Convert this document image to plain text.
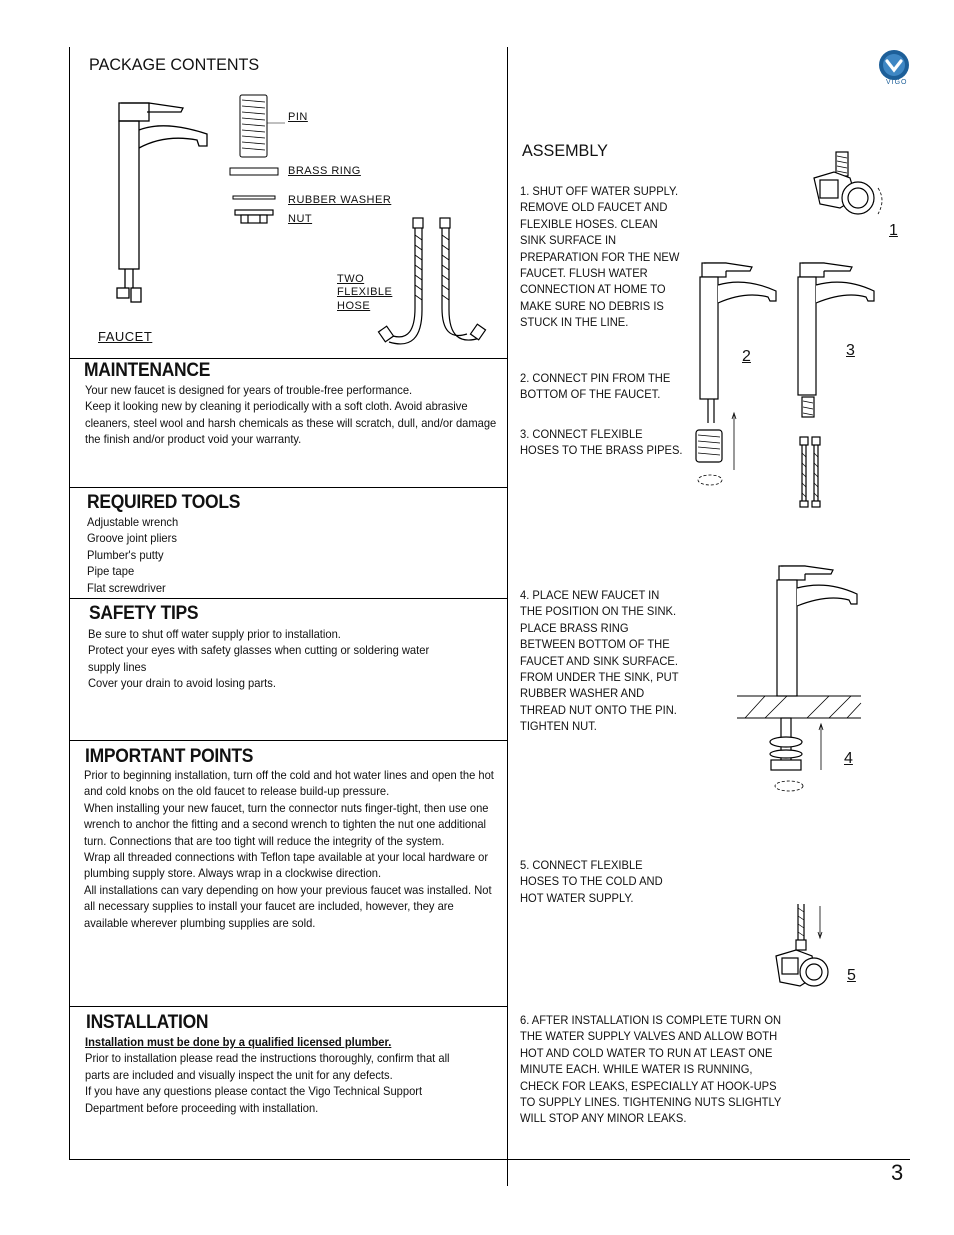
VIGO
PACKAGE CONTENTS
PIN
BRASS RING
RUBBER WASHER
NUT
TWO
FLEXIBLE
HOSE
FAUCET
MAINTENANCE
Your new faucet is designed for years of trouble-free performance.
Keep it looking new by cleaning it periodically with a soft cloth. Avoid abrasive
cleaners, steel wool and harsh chemicals as these will scratch, dull, and/or damage
the finish and/or product void your warranty.
REQUIRED TOOLS
Adjustable wrench
Groove joint pliers
Plumber's putty
Pipe tape
Flat screwdriver
SAFETY TIPS
Be sure to shut off water supply prior to installation.
Protect your eyes with safety glasses when cutting or soldering water
supply lines
Cover your drain to avoid losing parts.
IMPORTANT POINTS
Prior to beginning installation, turn off the cold and hot water lines and open the hot
and cold knobs on the old faucet to release build-up pressure.
When installing your new faucet, turn the connector nuts finger-tight, then use one
wrench to anchor the fitting and a second wrench to tighten the nut one additional
turn. Connections that are too tight will reduce the integrity of the system.
Wrap all threaded connections with Teflon tape available at your local hardware or
plumbing supply store. Always wrap in a clockwise direction.
All installations can vary depending on how your previous faucet was installed. Not
all necessary supplies to install your faucet are included, however, they are
available wherever plumbing supplies are sold.
INSTALLATION
Installation must be done by a qualified licensed plumber.
Prior to installation please read the instructions thoroughly, confirm that all
parts are included and visually inspect the unit for any defects.
If you have any questions please contact the Vigo Technical Support
Department before proceeding with installation.
ASSEMBLY
1. SHUT OFF WATER SUPPLY.
REMOVE OLD FAUCET AND
FLEXIBLE HOSES. CLEAN
SINK SURFACE IN
PREPARATION FOR THE NEW
FAUCET. FLUSH WATER
CONNECTION AT HOME TO
MAKE SURE NO DEBRIS IS
STUCK IN THE LINE.
2. CONNECT PIN FROM THE
BOTTOM OF THE FAUCET.
3. CONNECT FLEXIBLE
HOSES TO THE BRASS PIPES.
4. PLACE NEW FAUCET IN
THE POSITION ON THE SINK.
PLACE BRASS RING
BETWEEN BOTTOM OF THE
FAUCET AND SINK SURFACE.
FROM UNDER THE SINK, PUT
RUBBER WASHER AND
THREAD NUT ONTO THE PIN.
TIGHTEN NUT.
5. CONNECT FLEXIBLE
HOSES TO THE COLD AND
HOT WATER SUPPLY.
6. AFTER INSTALLATION IS COMPLETE TURN ON
THE WATER SUPPLY VALVES AND ALLOW BOTH
HOT AND COLD WATER TO RUN AT LEAST ONE
MINUTE EACH. WHILE WATER IS RUNNING,
CHECK FOR LEAKS, ESPECIALLY AT HOOK-UPS
TO SUPPLY LINES. TIGHTENING NUTS SLIGHTLY
WILL STOP ANY MINOR LEAKS.
1
2	3
4
5
3
